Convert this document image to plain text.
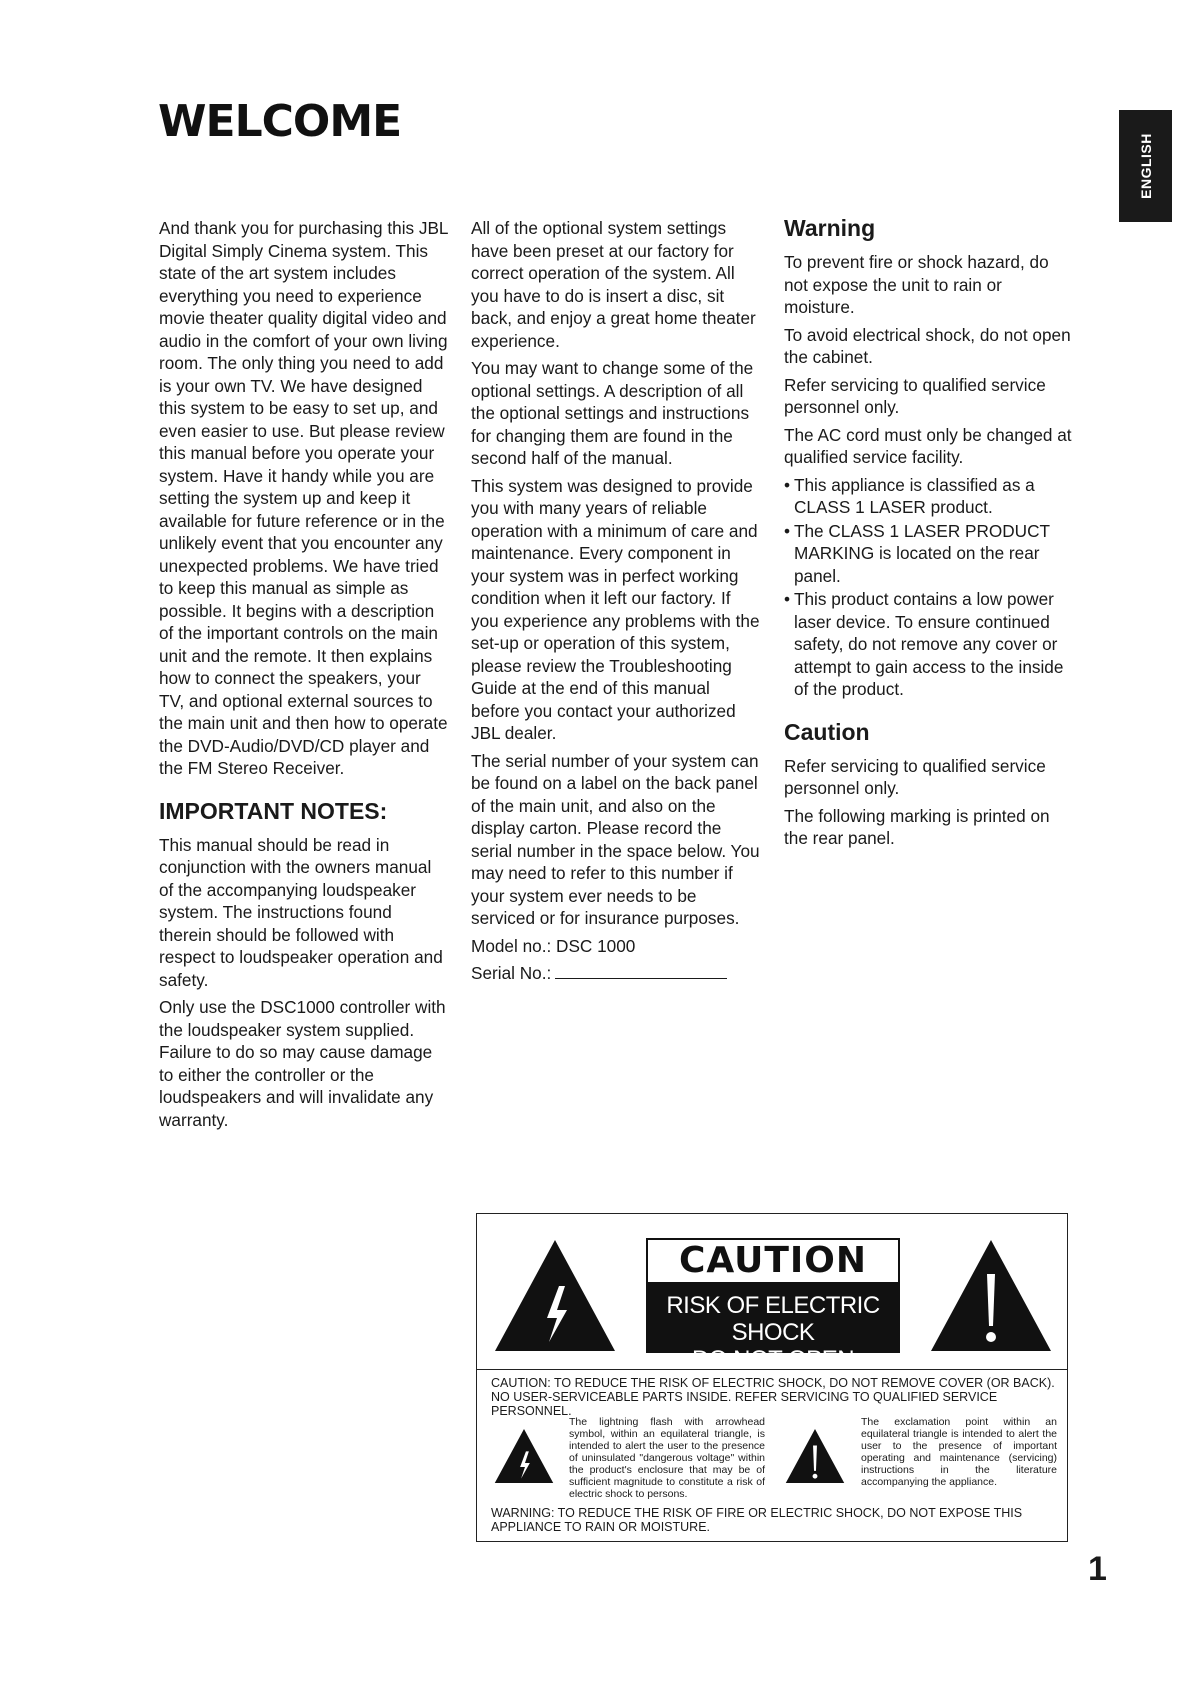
WELCOME
ENGLISH

And thank you for purchasing this JBL Digital Simply Cinema system. This state of the art system includes everything you need to experience movie theater quality digital video and audio in the comfort of your own living room. The only thing you need to add is your own TV. We have designed this system to be easy to set up, and even easier to use. But please review this manual before you operate your system. Have it handy while you are setting the system up and keep it available for future reference or in the unlikely event that you encounter any unexpected problems. We have tried to keep this manual as simple as possible. It begins with a description of the important controls on the main unit and the remote. It then explains how to connect the speakers, your TV, and optional external sources to the main unit and then how to operate the DVD-Audio/DVD/CD player and the FM Stereo Receiver.

IMPORTANT NOTES:

This manual should be read in conjunction with the owners manual of the accompanying loudspeaker system. The instructions found therein should be followed with respect to loudspeaker operation and safety.

Only use the DSC1000 controller with the loudspeaker system supplied. Failure to do so may cause damage to either the controller or the loudspeakers and will invalidate any warranty.

All of the optional system settings have been preset at our factory for correct operation of the system. All you have to do is insert a disc, sit back, and enjoy a great home theater experience.

You may want to change some of the optional settings. A description of all the optional settings and instructions for changing them are found in the second half of the manual.

This system was designed to provide you with many years of reliable operation with a minimum of care and maintenance. Every component in your system was in perfect working condition when it left our factory. If you experience any problems with the set-up or operation of this system, please review the Troubleshooting Guide at the end of this manual before you contact your authorized JBL dealer.

The serial number of your system can be found on a label on the back panel of the main unit, and also on the display carton. Please record the serial number in the space below. You may need to refer to this number if your system ever needs to be serviced or for insurance purposes.

Model no.: DSC 1000

Serial No.:

Warning

To prevent fire or shock hazard, do not expose the unit to rain or moisture.

To avoid electrical shock, do not open the cabinet.

Refer servicing to qualified service personnel only.

The AC cord must only be changed at qualified service facility.

• This appliance is classified as a CLASS 1 LASER product.
• The CLASS 1 LASER PRODUCT MARKING is located on the rear panel.
• This product contains a low power laser device. To ensure continued safety, do not remove any cover or attempt to gain access to the inside of the product.
Caution

Refer servicing to qualified service personnel only.

The following marking is printed on the rear panel.

CAUTION
RISK OF ELECTRIC SHOCK
DO NOT OPEN
CAUTION: TO REDUCE THE RISK OF ELECTRIC SHOCK, DO NOT REMOVE COVER (OR BACK). NO USER-SERVICEABLE PARTS INSIDE. REFER SERVICING TO QUALIFIED SERVICE PERSONNEL.
The lightning flash with arrowhead symbol, within an equilateral triangle, is intended to alert the user to the presence of uninsulated "dangerous voltage" within the product's enclosure that may be of sufficient magnitude to constitute a risk of electric shock to persons.
The exclamation point within an equilateral triangle is intended to alert the user to the presence of important operating and maintenance (servicing) instructions in the literature accompanying the appliance.
WARNING: TO REDUCE THE RISK OF FIRE OR ELECTRIC SHOCK, DO NOT EXPOSE THIS APPLIANCE TO RAIN OR MOISTURE.
1
